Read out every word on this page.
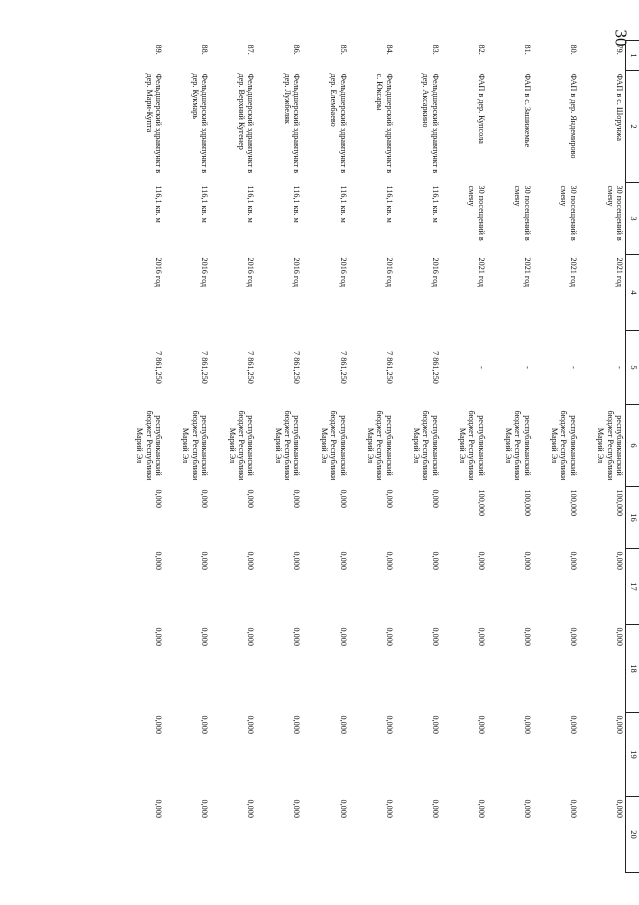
30
1	2	3	4	5	6	16	17	18	19	20
79.	ФАП в с. Шорунжа	30 посещений в смену	2021 год	-	республиканский бюджет Республики Марий Эл	100,000	0,000	0,000	0,000	0,000
80.	ФАП в дер. Яндемирово	30 посещений в смену	2021 год	-	республиканский бюджет Республики Марий Эл	100,000	0,000	0,000	0,000	0,000
81.	ФАП в с. Зашижемье	30 посещений в смену	2021 год	-	республиканский бюджет Республики Марий Эл	100,000	0,000	0,000	0,000	0,000
82.	ФАП в дер. Купсола	30 посещений в смену	2021 год	-	республиканский бюджет Республики Марий Эл	100,000	0,000	0,000	0,000	0,000
83.	Фельдшерский здравпункт в дер. Аксаркино	116,1 кв. м	2016 год	7 861,250	республиканский бюджет Республики Марий Эл	0,000	0,000	0,000	0,000	0,000
84.	Фельдшерский здравпункт в с. Юксары	116,1 кв. м	2016 год	7 861,250	республиканский бюджет Республики Марий Эл	0,000	0,000	0,000	0,000	0,000
85.	Фельдшерский здравпункт в дер. Елембаево	116,1 кв. м	2016 год	7 861,250	республиканский бюджет Республики Марий Эл	0,000	0,000	0,000	0,000	0,000
86.	Фельдшерский здравпункт в дер. Лужбеляк	116,1 кв. м	2016 год	7 861,250	республиканский бюджет Республики Марий Эл	0,000	0,000	0,000	0,000	0,000
87.	Фельдшерский здравпункт в дер. Верхний Кугенер	116,1 кв. м	2016 год	7 861,250	республиканский бюджет Республики Марий Эл	0,000	0,000	0,000	0,000	0,000
88.	Фельдшерский здравпункт в дер. Кукмарь	116,1 кв. м	2016 год	7 861,250	республиканский бюджет Республики Марий Эл	0,000	0,000	0,000	0,000	0,000
89.	Фельдшерский здравпункт в дер. Мари-Купта	116,1 кв. м	2016 год	7 861,250	республиканский бюджет Республики Марий Эл	0,000	0,000	0,000	0,000	0,000
